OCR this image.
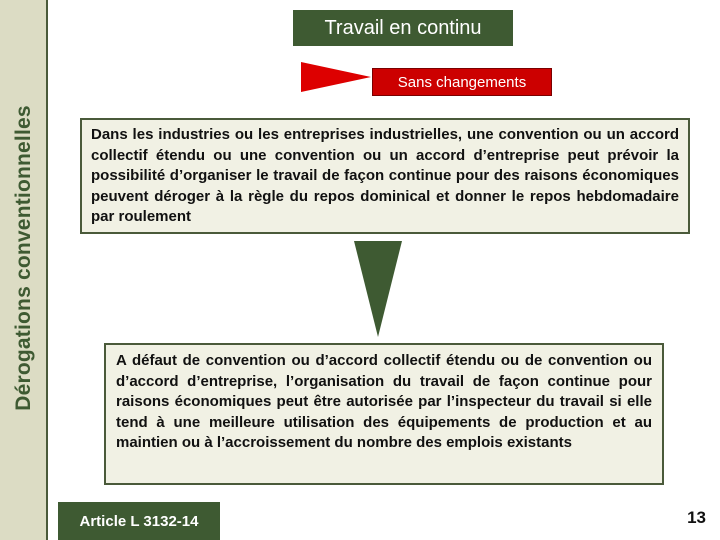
Dérogations conventionnelles
Travail en continu
Sans changements
Dans les industries ou les entreprises industrielles, une convention ou un accord collectif étendu ou une convention ou un accord d’entreprise peut prévoir la possibilité d’organiser le travail de façon continue pour des raisons économiques peuvent déroger à la règle du repos dominical et donner le repos hebdomadaire par roulement
A défaut de convention ou d’accord collectif étendu ou de convention ou d’accord d’entreprise, l’organisation du travail de façon continue pour raisons économiques peut être autorisée par l’inspecteur du travail si elle tend à une meilleure utilisation des équipements de production et au maintien ou à l’accroissement du nombre des emplois existants
Article L 3132-14	13
